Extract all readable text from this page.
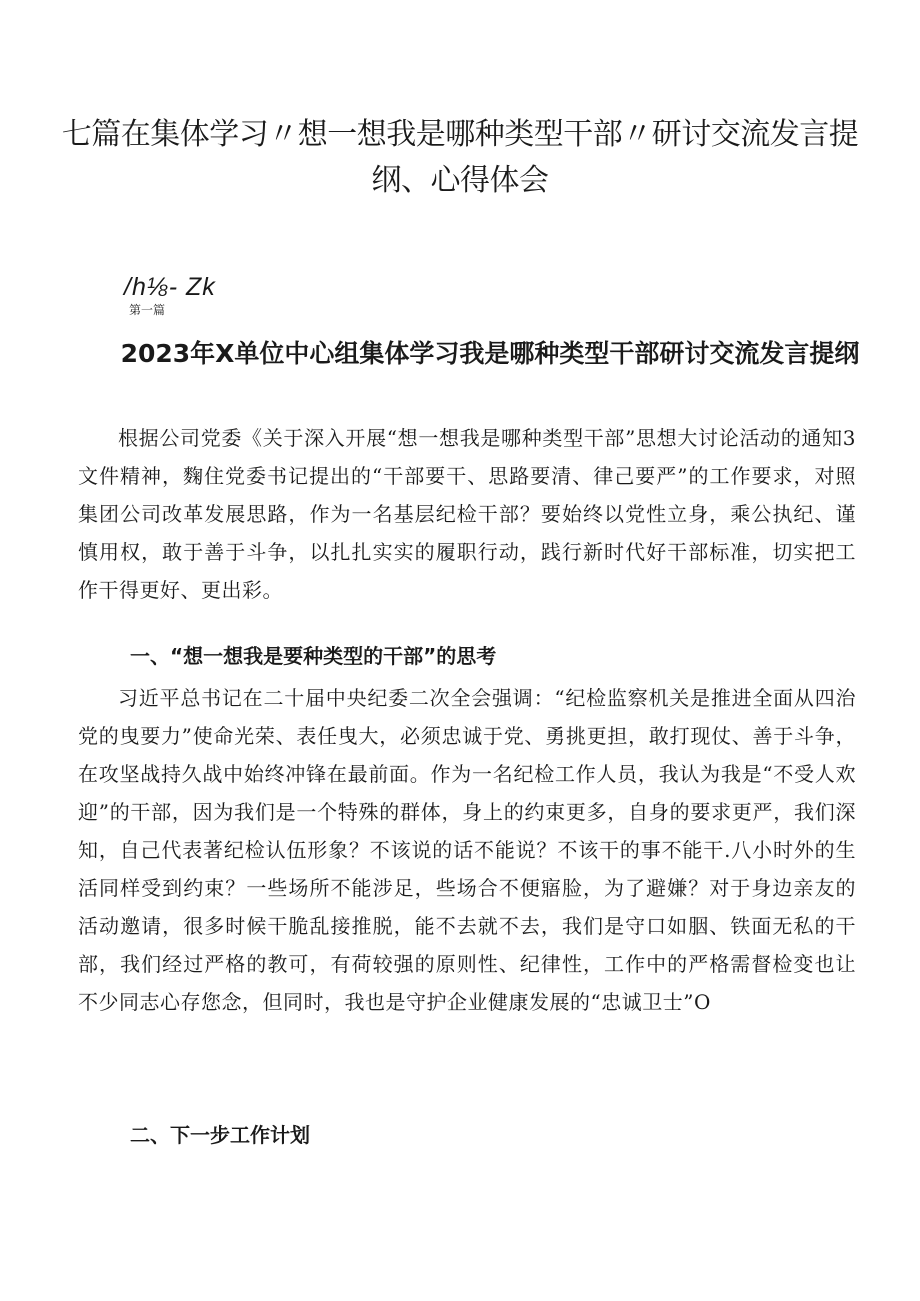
七篇在集体学习〃想一想我是哪种类型干部〃研讨交流发言提纲、心得体会
/h⅛- Zk
第一篇
2023年X单位中心组集体学习我是哪种类型干部研讨交流发言提纲

根据公司党委《关于深入开展“想一想我是哪种类型干部”思想大讨论活动的通知3文件精神，麴住党委书记提出的“干部要干、思路要清、律己要严”的工作要求，对照集团公司改革发展思路，作为一名基层纪检干部？要始终以党性立身，乘公执纪、谨慎用权，敢于善于斗争，以扎扎实实的履职行动，践行新时代好干部标准，切实把工作干得更好、更出彩。

一、“想一想我是要种类型的干部”的思考

习近平总书记在二十届中央纪委二次全会强调：“纪检监察机关是推进全面从四治党的曳要力”使命光荣、表任曳大，必须忠诚于党、勇挑更担，敢打现仗、善于斗争，在攻坚战持久战中始终冲锋在最前面。作为一名纪检工作人员，我认为我是“不受人欢迎”的干部，因为我们是一个特殊的群体，身上的约束更多，自身的要求更严，我们深知，自己代表著纪检认伍形象？不该说的话不能说？不该干的事不能干.八小时外的生活同样受到约束？一些场所不能涉足，些场合不便寤脸，为了避嫌？对于身边亲友的活动邀请，很多时候干脆乱接推脱，能不去就不去，我们是守口如胭、铁面无私的干部，我们经过严格的教可，有荷较强的原则性、纪律性，工作中的严格需督检变也让不少同志心存您念，但同时，我也是守护企业健康发展的“忠诚卫士”O

二、下一步工作计划
